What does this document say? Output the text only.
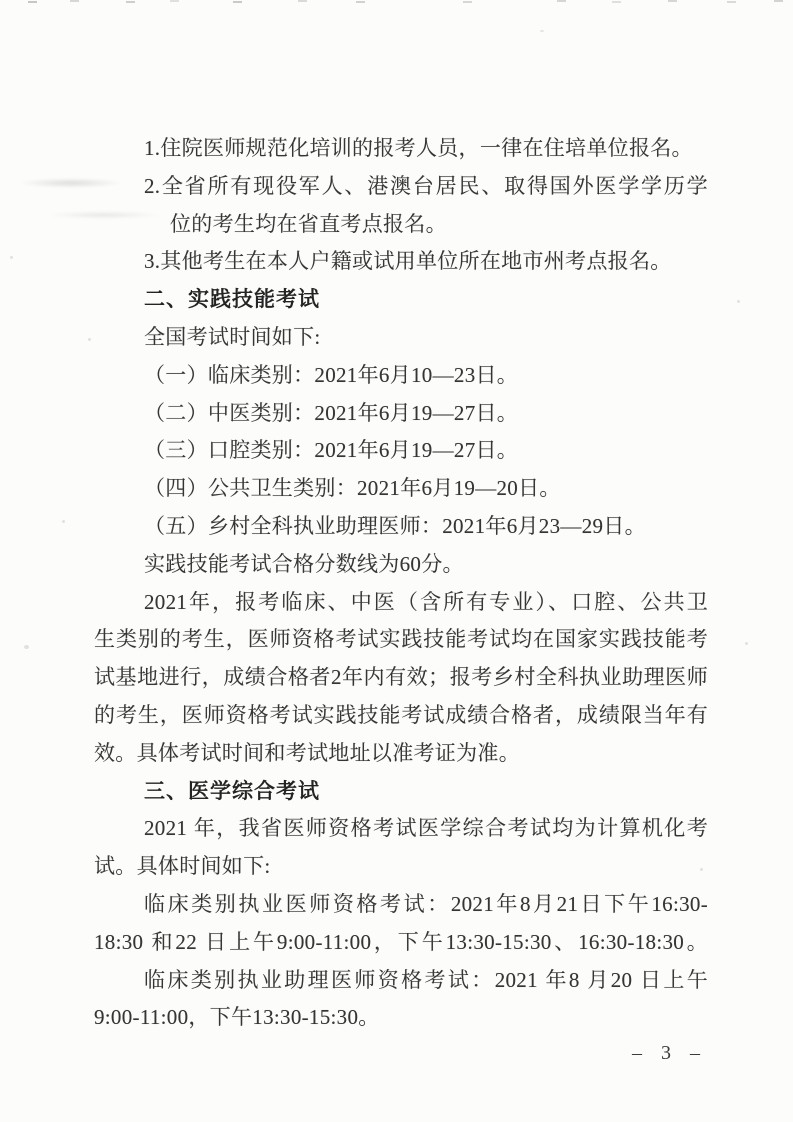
1.住院医师规范化培训的报考人员，一律在住培单位报名。
2.全省所有现役军人、港澳台居民、取得国外医学学历学
位的考生均在省直考点报名。
3.其他考生在本人户籍或试用单位所在地市州考点报名。
二、实践技能考试
全国考试时间如下:
（一）临床类别：2021年6月10—23日。
（二）中医类别：2021年6月19—27日。
（三）口腔类别：2021年6月19—27日。
（四）公共卫生类别：2021年6月19—20日。
（五）乡村全科执业助理医师：2021年6月23—29日。
实践技能考试合格分数线为60分。
2021年，报考临床、中医（含所有专业）、口腔、公共卫
生类别的考生，医师资格考试实践技能考试均在国家实践技能考
试基地进行，成绩合格者2年内有效；报考乡村全科执业助理医师
的考生，医师资格考试实践技能考试成绩合格者，成绩限当年有
效。具体考试时间和考试地址以准考证为准。
三、医学综合考试
2021 年，我省医师资格考试医学综合考试均为计算机化考
试。具体时间如下:
临床类别执业医师资格考试：2021年8月21日下午16:30-
18:30 和22 日上午9:00-11:00，下午13:30-15:30、16:30-18:30。
临床类别执业助理医师资格考试：2021 年8 月20 日上午
9:00-11:00，下午13:30-15:30。
– 3 –
